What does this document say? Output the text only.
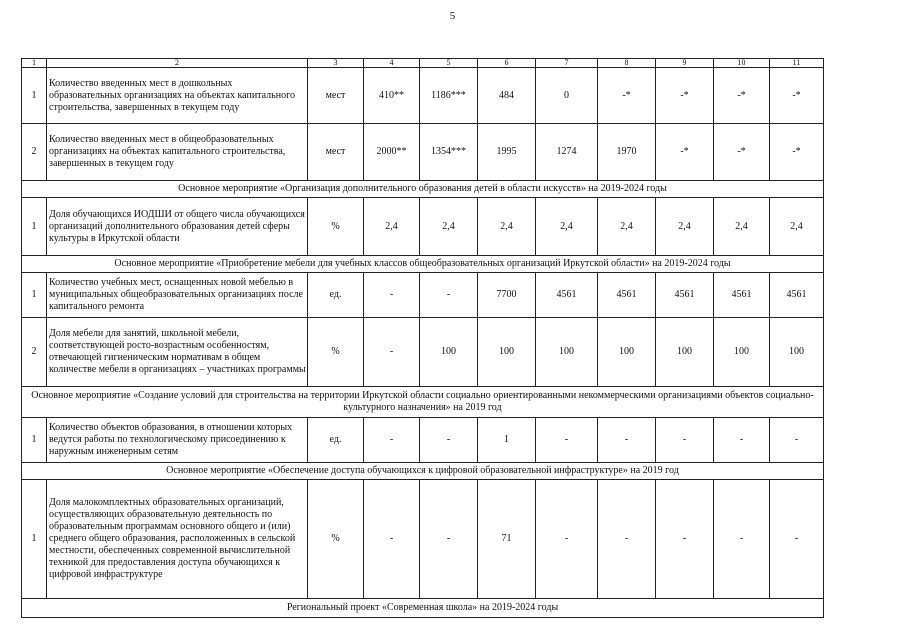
5
1	2	3	4	5	6	7	8	9	10	11
1	Количество введенных мест в дошкольных образовательных организациях на объектах капитального строительства, завершенных в текущем году	мест	410**	1186***	484	0	-*	-*	-*	-*
2	Количество введенных мест в общеобразовательных организациях на объектах капитального строительства, завершенных в текущем году	мест	2000**	1354***	1995	1274	1970	-*	-*	-*
Основное мероприятие «Организация дополнительного образования детей в области искусств» на 2019-2024 годы										
1	Доля обучающихся ИОДШИ от общего числа обучающихся организаций дополнительного образования детей сферы культуры в Иркутской области	%	2,4	2,4	2,4	2,4	2,4	2,4	2,4	2,4
Основное мероприятие «Приобретение мебели для учебных классов общеобразовательных организаций Иркутской области» на 2019-2024 годы										
1	Количество учебных мест, оснащенных новой мебелью в муниципальных общеобразовательных организациях после капитального ремонта	ед.	-	-	7700	4561	4561	4561	4561	4561
2	Доля мебели для занятий, школьной мебели, соответствующей росто-возрастным особенностям, отвечающей гигиеническим нормативам в общем количестве мебели в организациях – участниках программы	%	-	100	100	100	100	100	100	100
Основное мероприятие «Создание условий для строительства на территории Иркутской области социально ориентированными некоммерческими организациями объектов социально-культурного назначения» на 2019 год										
1	Количество объектов образования, в отношении которых ведутся работы по технологическому присоединению к наружным инженерным сетям	ед.	-	-	1	-	-	-	-	-
Основное мероприятие «Обеспечение доступа обучающихся к цифровой образовательной инфраструктуре» на 2019 год										
1	Доля малокомплектных образовательных организаций, осуществляющих образовательную деятельность по образовательным программам основного общего и (или) среднего общего образования, расположенных в сельской местности, обеспеченных современной вычислительной техникой для предоставления доступа обучающихся к цифровой инфраструктуре	%	-	-	71	-	-	-	-	-
Региональный проект «Современная школа» на 2019-2024 годы										
